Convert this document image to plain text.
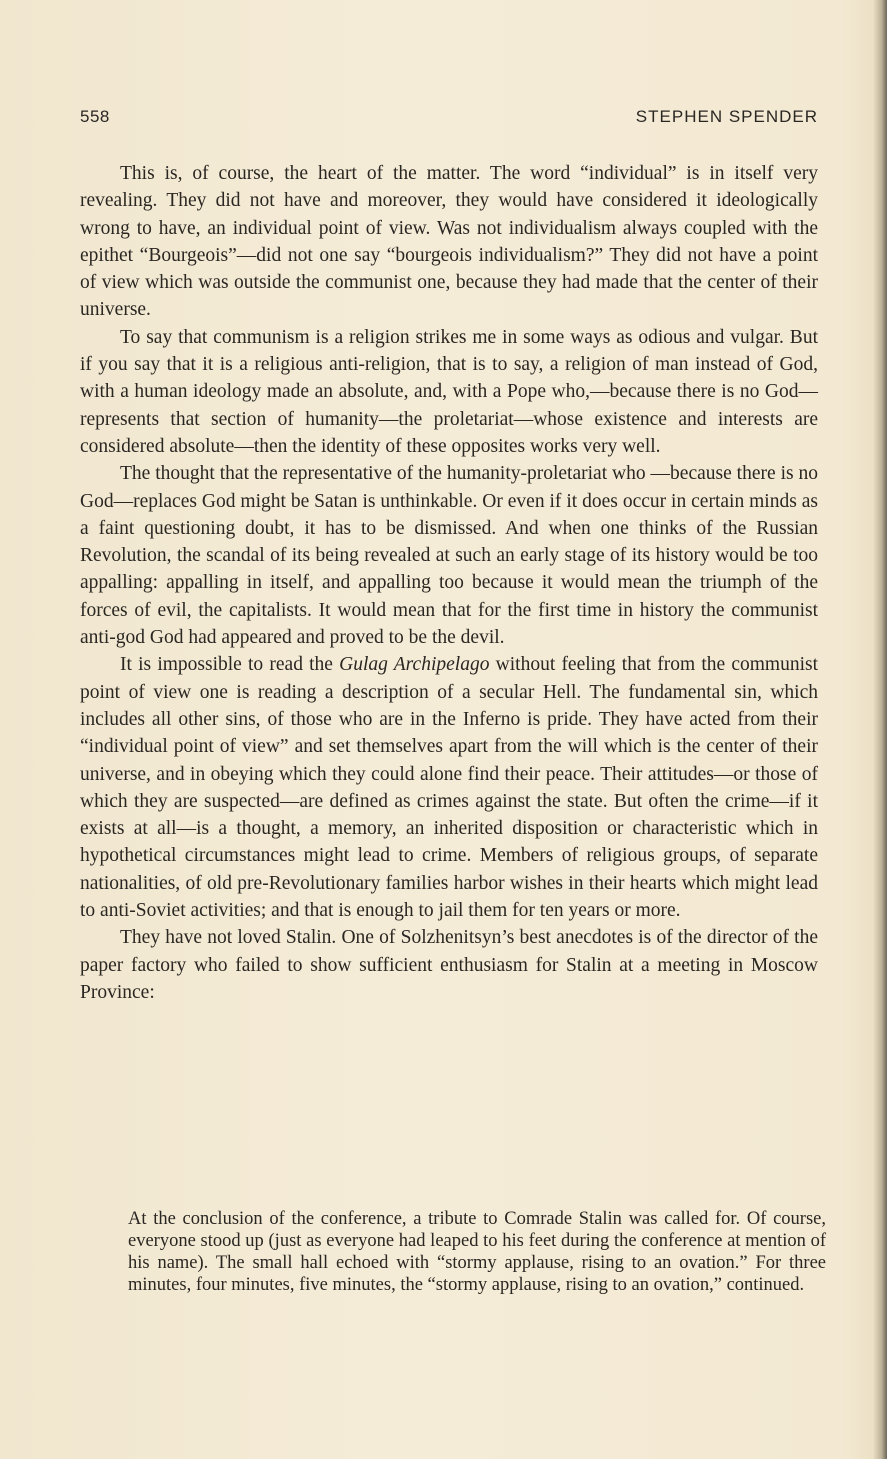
558	STEPHEN SPENDER

This is, of course, the heart of the matter. The word “individual” is in itself very revealing. They did not have and moreover, they would have considered it ideologically wrong to have, an individual point of view. Was not individualism always coupled with the epithet “Bourgeois”—did not one say “bourgeois individualism?” They did not have a point of view which was outside the communist one, because they had made that the center of their universe.

To say that communism is a religion strikes me in some ways as odious and vulgar. But if you say that it is a religious anti-religion, that is to say, a religion of man instead of God, with a human ideology made an absolute, and, with a Pope who,—because there is no God—represents that section of humanity—the proletariat—whose existence and interests are considered absolute—then the identity of these opposites works very well.

The thought that the representative of the humanity-proletariat who —because there is no God—replaces God might be Satan is unthinkable. Or even if it does occur in certain minds as a faint questioning doubt, it has to be dismissed. And when one thinks of the Russian Revolution, the scandal of its being revealed at such an early stage of its history would be too appalling: appalling in itself, and appalling too because it would mean the triumph of the forces of evil, the capitalists. It would mean that for the first time in history the communist anti-god God had appeared and proved to be the devil.

It is impossible to read the Gulag Archipelago without feeling that from the communist point of view one is reading a description of a secular Hell. The fundamental sin, which includes all other sins, of those who are in the Inferno is pride. They have acted from their “individual point of view” and set themselves apart from the will which is the center of their universe, and in obeying which they could alone find their peace. Their attitudes—or those of which they are suspected—are defined as crimes against the state. But often the crime—if it exists at all—is a thought, a memory, an inherited disposition or characteristic which in hypothetical circumstances might lead to crime. Members of religious groups, of separate nationalities, of old pre-Revolutionary families harbor wishes in their hearts which might lead to anti-Soviet activities; and that is enough to jail them for ten years or more.

They have not loved Stalin. One of Solzhenitsyn’s best anecdotes is of the director of the paper factory who failed to show sufficient enthusiasm for Stalin at a meeting in Moscow Province:

At the conclusion of the conference, a tribute to Comrade Stalin was called for. Of course, everyone stood up (just as everyone had leaped to his feet during the conference at mention of his name). The small hall echoed with “stormy applause, rising to an ovation.” For three minutes, four minutes, five minutes, the “stormy applause, rising to an ovation,” continued.
